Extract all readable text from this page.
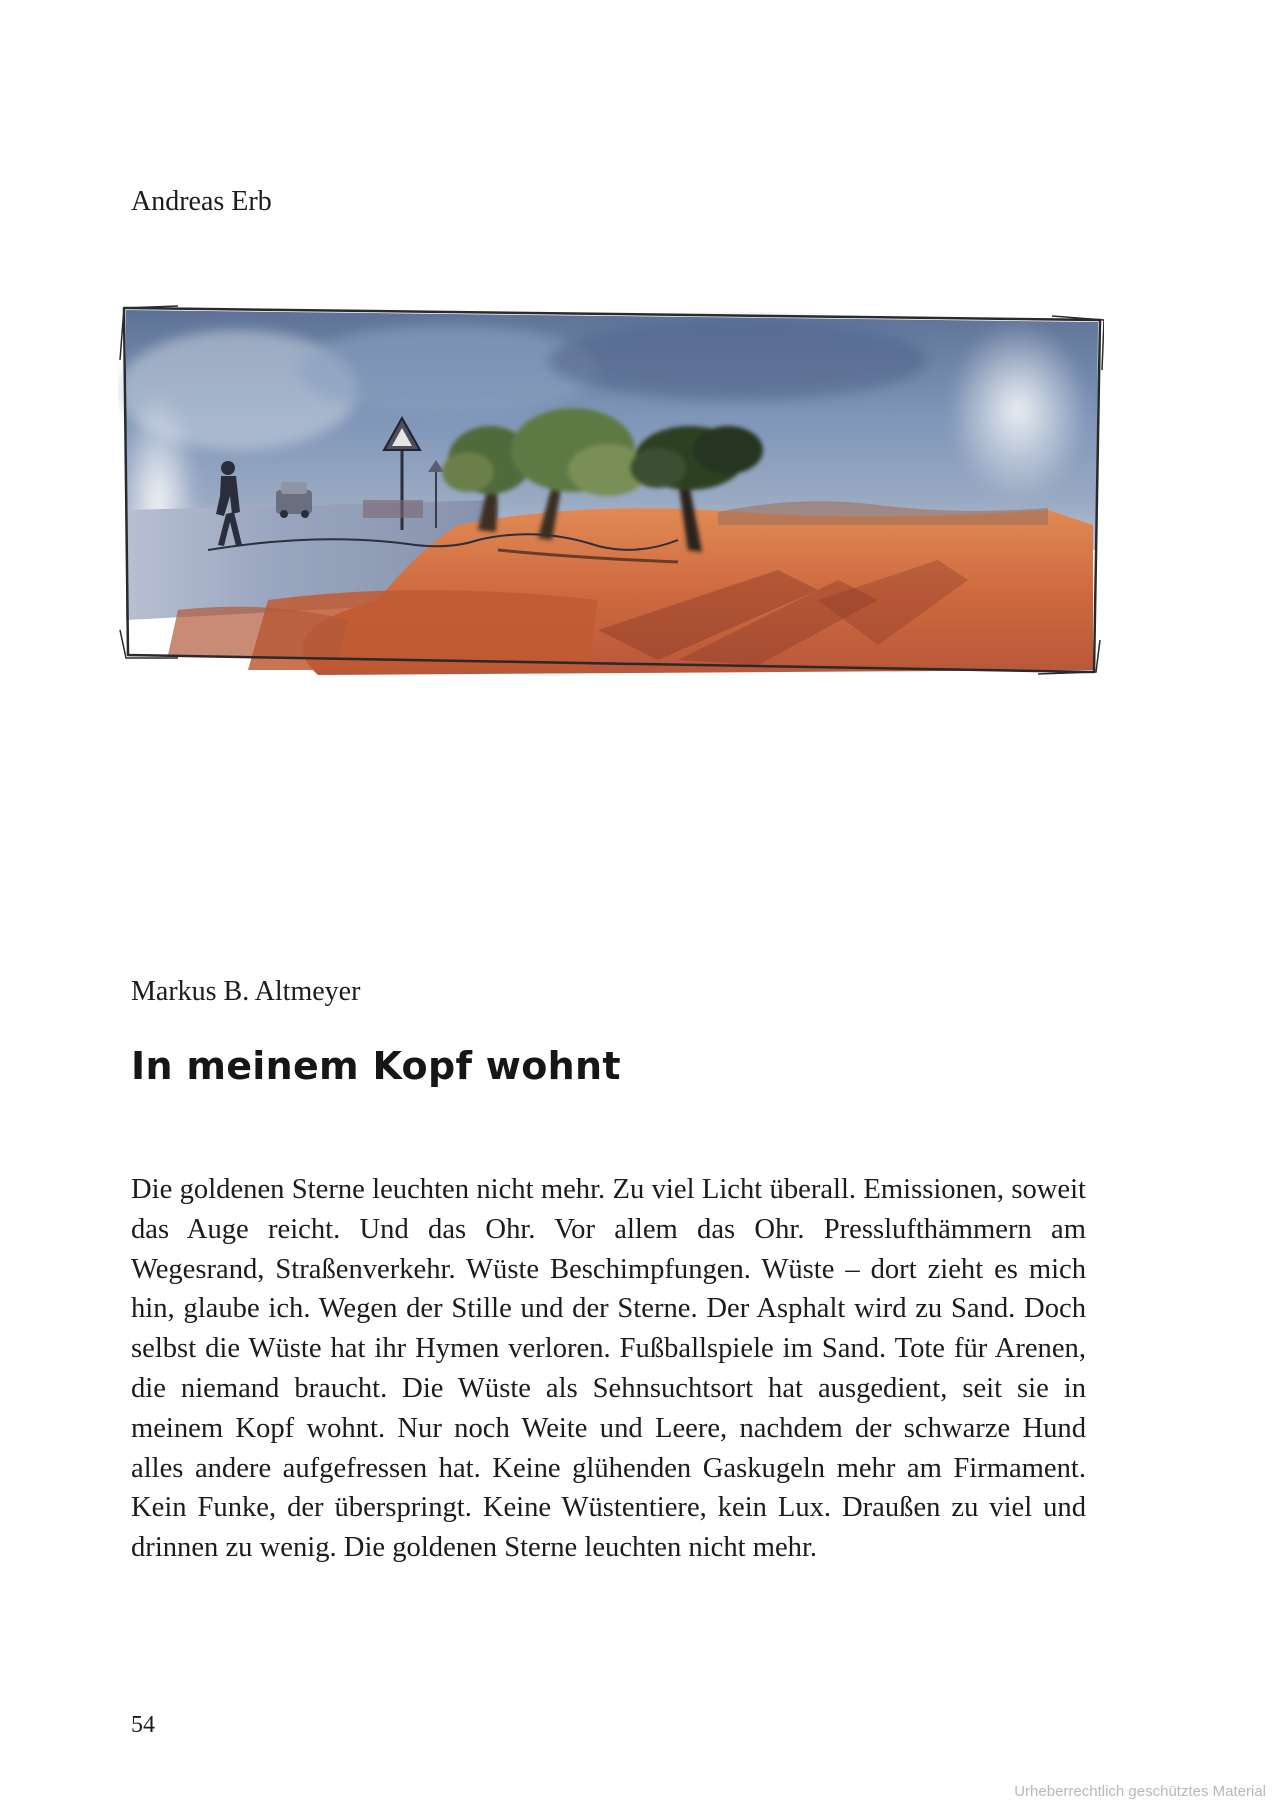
Andreas Erb
Markus B. Altmeyer
In meinem Kopf wohnt
Die goldenen Sterne leuchten nicht mehr. Zu viel Licht überall. Emissionen, soweit das Auge reicht. Und das Ohr. Vor allem das Ohr. Presslufthämmern am Wegesrand, Straßenverkehr. Wüste Beschimpfungen. Wüste – dort zieht es mich hin, glaube ich. Wegen der Stille und der Sterne. Der Asphalt wird zu Sand. Doch selbst die Wüste hat ihr Hymen verloren. Fußballspiele im Sand. Tote für Arenen, die niemand braucht. Die Wüste als Sehnsuchtsort hat ausgedient, seit sie in meinem Kopf wohnt. Nur noch Weite und Leere, nachdem der schwarze Hund alles andere aufgefressen hat. Keine glühenden Gaskugeln mehr am Firmament. Kein Funke, der überspringt. Keine Wüstentiere, kein Lux. Draußen zu viel und drinnen zu wenig. Die goldenen Sterne leuchten nicht mehr.
54
Urheberrechtlich geschütztes Material
